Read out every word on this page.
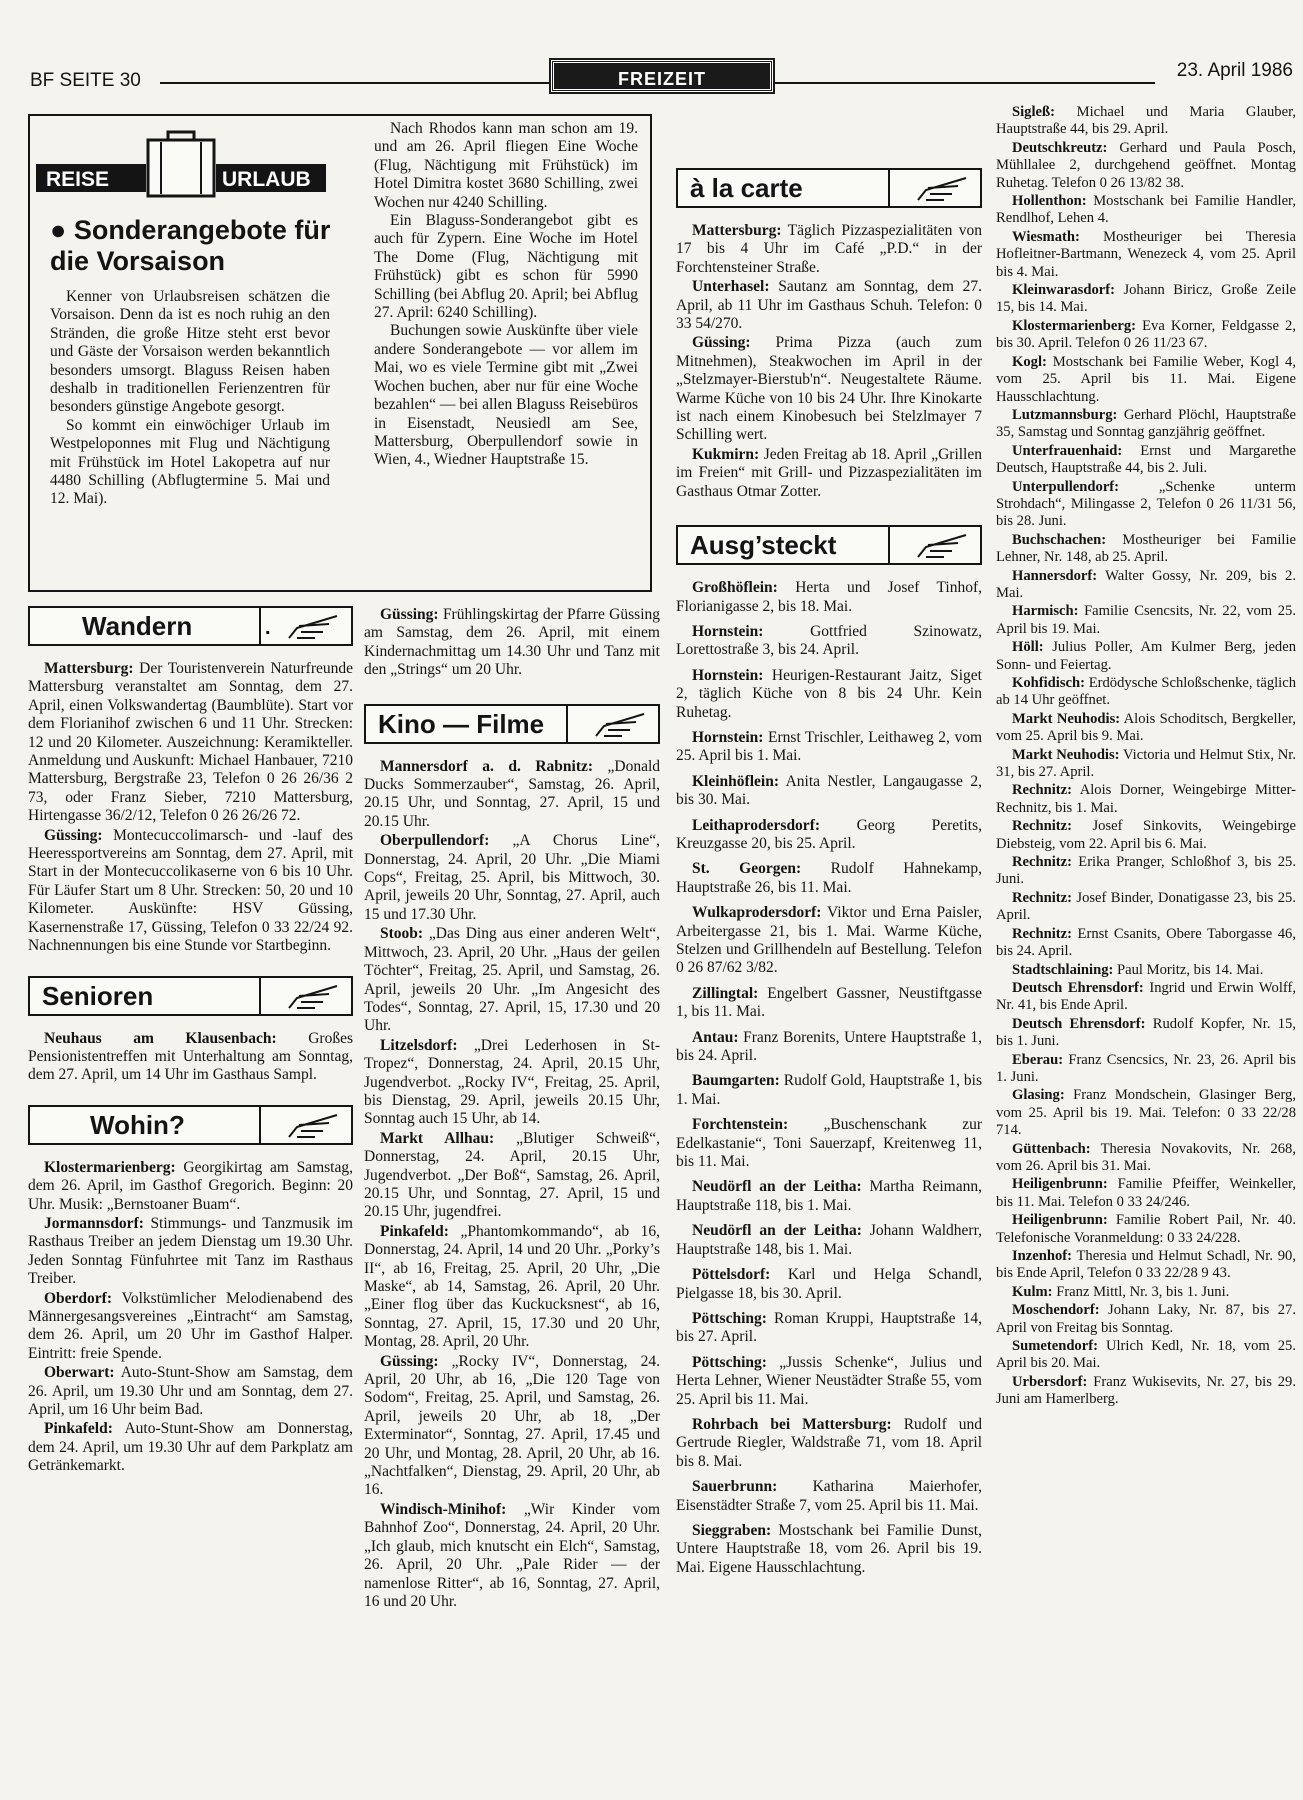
BF SEITE 30	FREIZEIT	23. April 1986
REISE	URLAUB
● Sonderangebote für die Vorsaison

Kenner von Urlaubsreisen schätzen die Vorsaison. Denn da ist es noch ruhig an den Stränden, die große Hitze steht erst bevor und Gäste der Vorsaison werden bekanntlich besonders umsorgt. Blaguss Reisen haben deshalb in traditionellen Ferienzentren für besonders günstige Angebote gesorgt.

So kommt ein einwöchiger Urlaub im Westpeloponnes mit Flug und Nächtigung mit Frühstück im Hotel Lakopetra auf nur 4480 Schilling (Abflugtermine 5. Mai und 12. Mai).

Nach Rhodos kann man schon am 19. und am 26. April fliegen Eine Woche (Flug, Nächtigung mit Frühstück) im Hotel Dimitra kostet 3680 Schilling, zwei Wochen nur 4240 Schilling.

Ein Blaguss-Sonderangebot gibt es auch für Zypern. Eine Woche im Hotel The Dome (Flug, Nächtigung mit Frühstück) gibt es schon für 5990 Schilling (bei Abflug 20. April; bei Abflug 27. April: 6240 Schilling).

Buchungen sowie Auskünfte über viele andere Sonderangebote — vor allem im Mai, wo es viele Termine gibt mit „Zwei Wochen buchen, aber nur für eine Woche bezahlen“ — bei allen Blaguss Reisebüros in Eisenstadt, Neusiedl am See, Mattersburg, Oberpullendorf sowie in Wien, 4., Wiedner Hauptstraße 15.

Wandern	.

Mattersburg: Der Touristenverein Naturfreunde Mattersburg veranstaltet am Sonntag, dem 27. April, einen Volkswandertag (Baumblüte). Start vor dem Florianihof zwischen 6 und 11 Uhr. Strecken: 12 und 20 Kilometer. Auszeichnung: Keramikteller. Anmeldung und Auskunft: Michael Hanbauer, 7210 Mattersburg, Bergstraße 23, Telefon 0 26 26/36 2 73, oder Franz Sieber, 7210 Mattersburg, Hirtengasse 36/2/12, Telefon 0 26 26/26 72.

Güssing: Montecuccolimarsch- und -lauf des Heeressportvereins am Sonntag, dem 27. April, mit Start in der Montecuccolikaserne von 6 bis 10 Uhr. Für Läufer Start um 8 Uhr. Strecken: 50, 20 und 10 Kilometer. Auskünfte: HSV Güssing, Kasernenstraße 17, Güssing, Telefon 0 33 22/24 92. Nachnennungen bis eine Stunde vor Startbeginn.

Senioren

Neuhaus am Klausenbach: Großes Pensionistentreffen mit Unterhaltung am Sonntag, dem 27. April, um 14 Uhr im Gasthaus Sampl.

Wohin?

Klostermarienberg: Georgikirtag am Samstag, dem 26. April, im Gasthof Gregorich. Beginn: 20 Uhr. Musik: „Bernstoaner Buam“.

Jormannsdorf: Stimmungs- und Tanzmusik im Rasthaus Treiber an jedem Dienstag um 19.30 Uhr. Jeden Sonntag Fünfuhrtee mit Tanz im Rasthaus Treiber.

Oberdorf: Volkstümlicher Melodienabend des Männergesangsvereines „Eintracht“ am Samstag, dem 26. April, um 20 Uhr im Gasthof Halper. Eintritt: freie Spende.

Oberwart: Auto-Stunt-Show am Samstag, dem 26. April, um 19.30 Uhr und am Sonntag, dem 27. April, um 16 Uhr beim Bad.

Pinkafeld: Auto-Stunt-Show am Donnerstag, dem 24. April, um 19.30 Uhr auf dem Parkplatz am Getränkemarkt.

Güssing: Frühlingskirtag der Pfarre Güssing am Samstag, dem 26. April, mit einem Kindernachmittag um 14.30 Uhr und Tanz mit den „Strings“ um 20 Uhr.

Kino — Filme

Mannersdorf a. d. Rabnitz: „Donald Ducks Sommerzauber“, Samstag, 26. April, 20.15 Uhr, und Sonntag, 27. April, 15 und 20.15 Uhr.

Oberpullendorf: „A Chorus Line“, Donnerstag, 24. April, 20 Uhr. „Die Miami Cops“, Freitag, 25. April, bis Mittwoch, 30. April, jeweils 20 Uhr, Sonntag, 27. April, auch 15 und 17.30 Uhr.

Stoob: „Das Ding aus einer anderen Welt“, Mittwoch, 23. April, 20 Uhr. „Haus der geilen Töchter“, Freitag, 25. April, und Samstag, 26. April, jeweils 20 Uhr. „Im Angesicht des Todes“, Sonntag, 27. April, 15, 17.30 und 20 Uhr.

Litzelsdorf: „Drei Lederhosen in St-Tropez“, Donnerstag, 24. April, 20.15 Uhr, Jugendverbot. „Rocky IV“, Freitag, 25. April, bis Dienstag, 29. April, jeweils 20.15 Uhr, Sonntag auch 15 Uhr, ab 14.

Markt Allhau: „Blutiger Schweiß“, Donnerstag, 24. April, 20.15 Uhr, Jugendverbot. „Der Boß“, Samstag, 26. April, 20.15 Uhr, und Sonntag, 27. April, 15 und 20.15 Uhr, jugendfrei.

Pinkafeld: „Phantomkommando“, ab 16, Donnerstag, 24. April, 14 und 20 Uhr. „Porky’s II“, ab 16, Freitag, 25. April, 20 Uhr, „Die Maske“, ab 14, Samstag, 26. April, 20 Uhr. „Einer flog über das Kuckucksnest“, ab 16, Sonntag, 27. April, 15, 17.30 und 20 Uhr, Montag, 28. April, 20 Uhr.

Güssing: „Rocky IV“, Donnerstag, 24. April, 20 Uhr, ab 16, „Die 120 Tage von Sodom“, Freitag, 25. April, und Samstag, 26. April, jeweils 20 Uhr, ab 18, „Der Exterminator“, Sonntag, 27. April, 17.45 und 20 Uhr, und Montag, 28. April, 20 Uhr, ab 16. „Nachtfalken“, Dienstag, 29. April, 20 Uhr, ab 16.

Windisch-Minihof: „Wir Kinder vom Bahnhof Zoo“, Donnerstag, 24. April, 20 Uhr. „Ich glaub, mich knutscht ein Elch“, Samstag, 26. April, 20 Uhr. „Pale Rider — der namenlose Ritter“, ab 16, Sonntag, 27. April, 16 und 20 Uhr.

à la carte

Mattersburg: Täglich Pizzaspezialitäten von 17 bis 4 Uhr im Café „P.D.“ in der Forchtensteiner Straße.

Unterhasel: Sautanz am Sonntag, dem 27. April, ab 11 Uhr im Gasthaus Schuh. Telefon: 0 33 54/270.

Güssing: Prima Pizza (auch zum Mitnehmen), Steakwochen im April in der „Stelzmayer-Bierstub'n“. Neugestaltete Räume. Warme Küche von 10 bis 24 Uhr. Ihre Kinokarte ist nach einem Kinobesuch bei Stelzlmayer 7 Schilling wert.

Kukmirn: Jeden Freitag ab 18. April „Grillen im Freien“ mit Grill- und Pizzaspezialitäten im Gasthaus Otmar Zotter.

Ausg’steckt

Großhöflein: Herta und Josef Tinhof, Florianigasse 2, bis 18. Mai.

Hornstein:	Gottfried Szinowatz, Lorettostraße 3, bis 24. April.

Hornstein: Heurigen-Restaurant Jaitz, Siget 2, täglich Küche von 8 bis 24 Uhr. Kein Ruhetag.

Hornstein: Ernst Trischler, Leithaweg 2, vom 25. April bis 1. Mai.

Kleinhöflein: Anita Nestler, Langaugasse 2, bis 30. Mai.

Leithaprodersdorf: Georg Peretits, Kreuzgasse 20, bis 25. April.

St. Georgen: Rudolf Hahnekamp, Hauptstraße 26, bis 11. Mai.

Wulkaprodersdorf: Viktor und Erna Paisler, Arbeitergasse 21, bis 1. Mai. Warme Küche, Stelzen und Grillhendeln auf Bestellung. Telefon 0 26 87/62 3/82.

Zillingtal: Engelbert Gassner, Neustiftgasse 1, bis 11. Mai.

Antau: Franz Borenits, Untere Hauptstraße 1, bis 24. April.

Baumgarten: Rudolf Gold, Hauptstraße 1, bis 1. Mai.

Forchtenstein: „Buschenschank zur Edelkastanie“, Toni Sauerzapf, Kreitenweg 11, bis 11. Mai.

Neudörfl an der Leitha: Martha Reimann, Hauptstraße 118, bis 1. Mai.

Neudörfl an der Leitha: Johann Waldherr, Hauptstraße 148, bis 1. Mai.

Pöttelsdorf: Karl und Helga Schandl, Pielgasse 18, bis 30. April.

Pöttsching: Roman Kruppi, Hauptstraße 14, bis 27. April.

Pöttsching: „Jussis Schenke“, Julius und Herta Lehner, Wiener Neustädter Straße 55, vom 25. April bis 11. Mai.

Rohrbach bei Mattersburg: Rudolf und Gertrude Riegler, Waldstraße 71, vom 18. April bis 8. Mai.

Sauerbrunn: Katharina Maierhofer, Eisenstädter Straße 7, vom 25. April bis 11. Mai.

Sieggraben: Mostschank bei Familie Dunst, Untere Hauptstraße 18, vom 26. April bis 19. Mai. Eigene Hausschlachtung.

Sigleß: Michael und Maria Glauber, Hauptstraße 44, bis 29. April.

Deutschkreutz: Gerhard und Paula Posch, Mühllalee 2, durchgehend geöffnet. Montag Ruhetag. Telefon 0 26 13/82 38.

Hollenthon: Mostschank bei Familie Handler, Rendlhof, Lehen 4.

Wiesmath: Mostheuriger bei Theresia Hofleitner-Bartmann, Wenezeck 4, vom 25. April bis 4. Mai.

Kleinwarasdorf: Johann Biricz, Große Zeile 15, bis 14. Mai.

Klostermarienberg: Eva Korner, Feldgasse 2, bis 30. April. Telefon 0 26 11/23 67.

Kogl: Mostschank bei Familie Weber, Kogl 4, vom 25. April bis 11. Mai. Eigene Hausschlachtung.

Lutzmannsburg: Gerhard Plöchl, Hauptstraße 35, Samstag und Sonntag ganzjährig geöffnet.

Unterfrauenhaid: Ernst und Margarethe Deutsch, Hauptstraße 44, bis 2. Juli.

Unterpullendorf:	„Schenke unterm Strohdach“, Milingasse 2, Telefon 0 26 11/31 56, bis 28. Juni.

Buchschachen: Mostheuriger bei Familie Lehner, Nr. 148, ab 25. April.

Hannersdorf: Walter Gossy, Nr. 209, bis 2. Mai.

Harmisch: Familie Csencsits, Nr. 22, vom 25. April bis 19. Mai.

Höll: Julius Poller, Am Kulmer Berg, jeden Sonn- und Feiertag.

Kohfidisch: Erdödysche Schloßschenke, täglich ab 14 Uhr geöffnet.

Markt Neuhodis: Alois Schoditsch, Bergkeller, vom 25. April bis 9. Mai.

Markt Neuhodis: Victoria und Helmut Stix, Nr. 31, bis 27. April.

Rechnitz: Alois Dorner, Weingebirge Mitter-Rechnitz, bis 1. Mai.

Rechnitz: Josef Sinkovits, Weingebirge Diebsteig, vom 22. April bis 6. Mai.

Rechnitz: Erika Pranger, Schloßhof 3, bis 25. Juni.

Rechnitz: Josef Binder, Donatigasse 23, bis 25. April.

Rechnitz: Ernst Csanits, Obere Taborgasse 46, bis 24. April.

Stadtschlaining: Paul Moritz, bis 14. Mai.

Deutsch Ehrensdorf: Ingrid und Erwin Wolff, Nr. 41, bis Ende April.

Deutsch Ehrensdorf: Rudolf Kopfer, Nr. 15, bis 1. Juni.

Eberau: Franz Csencsics, Nr. 23, 26. April bis 1. Juni.

Glasing: Franz Mondschein, Glasinger Berg, vom 25. April bis 19. Mai. Telefon: 0 33 22/28 714.

Güttenbach: Theresia Novakovits, Nr. 268, vom 26. April bis 31. Mai.

Heiligenbrunn: Familie Pfeiffer, Weinkeller, bis 11. Mai. Telefon 0 33 24/246.

Heiligenbrunn: Familie Robert Pail, Nr. 40. Telefonische Voranmeldung: 0 33 24/228.

Inzenhof: Theresia und Helmut Schadl, Nr. 90, bis Ende April, Telefon 0 33 22/28 9 43.

Kulm: Franz Mittl, Nr. 3, bis 1. Juni.

Moschendorf: Johann Laky, Nr. 87, bis 27. April von Freitag bis Sonntag.

Sumetendorf: Ulrich Kedl, Nr. 18, vom 25. April bis 20. Mai.

Urbersdorf: Franz Wukisevits, Nr. 27, bis 29. Juni am Hamerlberg.
